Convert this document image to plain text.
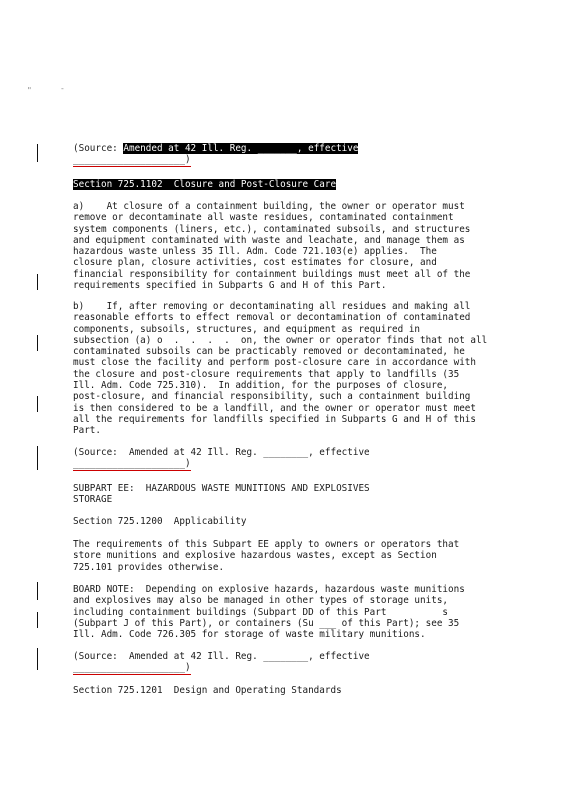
"	-
(Source: Amended at 42 Ill. Reg. _______, effective
____________________)
Section 725.1102  Closure and Post-Closure Care
a)    At closure of a containment building, the owner or operator must
remove or decontaminate all waste residues, contaminated containment
system components (liners, etc.), contaminated subsoils, and structures
and equipment contaminated with waste and leachate, and manage them as
hazardous waste unless 35 Ill. Adm. Code 721.103(e) applies.  The
closure plan, closure activities, cost estimates for closure, and
financial responsibility for containment buildings must meet all of the
requirements specified in Subparts G and H of this Part.
b)    If, after removing or decontaminating all residues and making all
reasonable efforts to effect removal or decontamination of contaminated
components, subsoils, structures, and equipment as required in
subsection (a) o  .  .  .  .  on, the owner or operator finds that not all
contaminated subsoils can be practicably removed or decontaminated, he
must close the facility and perform post-closure care in accordance with
the closure and post-closure requirements that apply to landfills (35
Ill. Adm. Code 725.310).  In addition, for the purposes of closure,
post-closure, and financial responsibility, such a containment building
is then considered to be a landfill, and the owner or operator must meet
all the requirements for landfills specified in Subparts G and H of this
Part.
(Source:  Amended at 42 Ill. Reg. ________, effective
____________________)
SUBPART EE:  HAZARDOUS WASTE MUNITIONS AND EXPLOSIVES
STORAGE
Section 725.1200  Applicability
The requirements of this Subpart EE apply to owners or operators that
store munitions and explosive hazardous wastes, except as Section
725.101 provides otherwise.
BOARD NOTE:  Depending on explosive hazards, hazardous waste munitions
and explosives may also be managed in other types of storage units,
including containment buildings (Subpart DD of this Part          s
(Subpart J of this Part), or containers (Su ___ of this Part); see 35
Ill. Adm. Code 726.305 for storage of waste military munitions.
(Source:  Amended at 42 Ill. Reg. ________, effective
____________________)
Section 725.1201  Design and Operating Standards
